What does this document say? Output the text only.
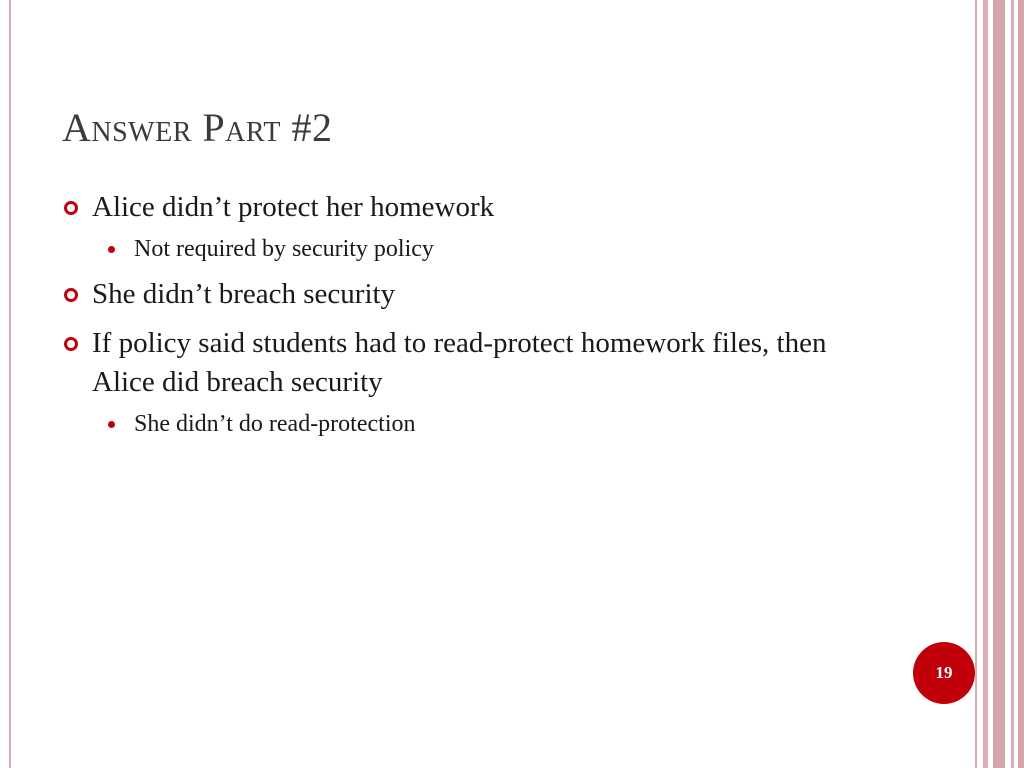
Answer Part #2
Alice didn’t protect her homework
Not required by security policy
She didn’t breach security
If policy said students had to read-protect homework files, then Alice did breach security
She didn’t do read-protection
19
